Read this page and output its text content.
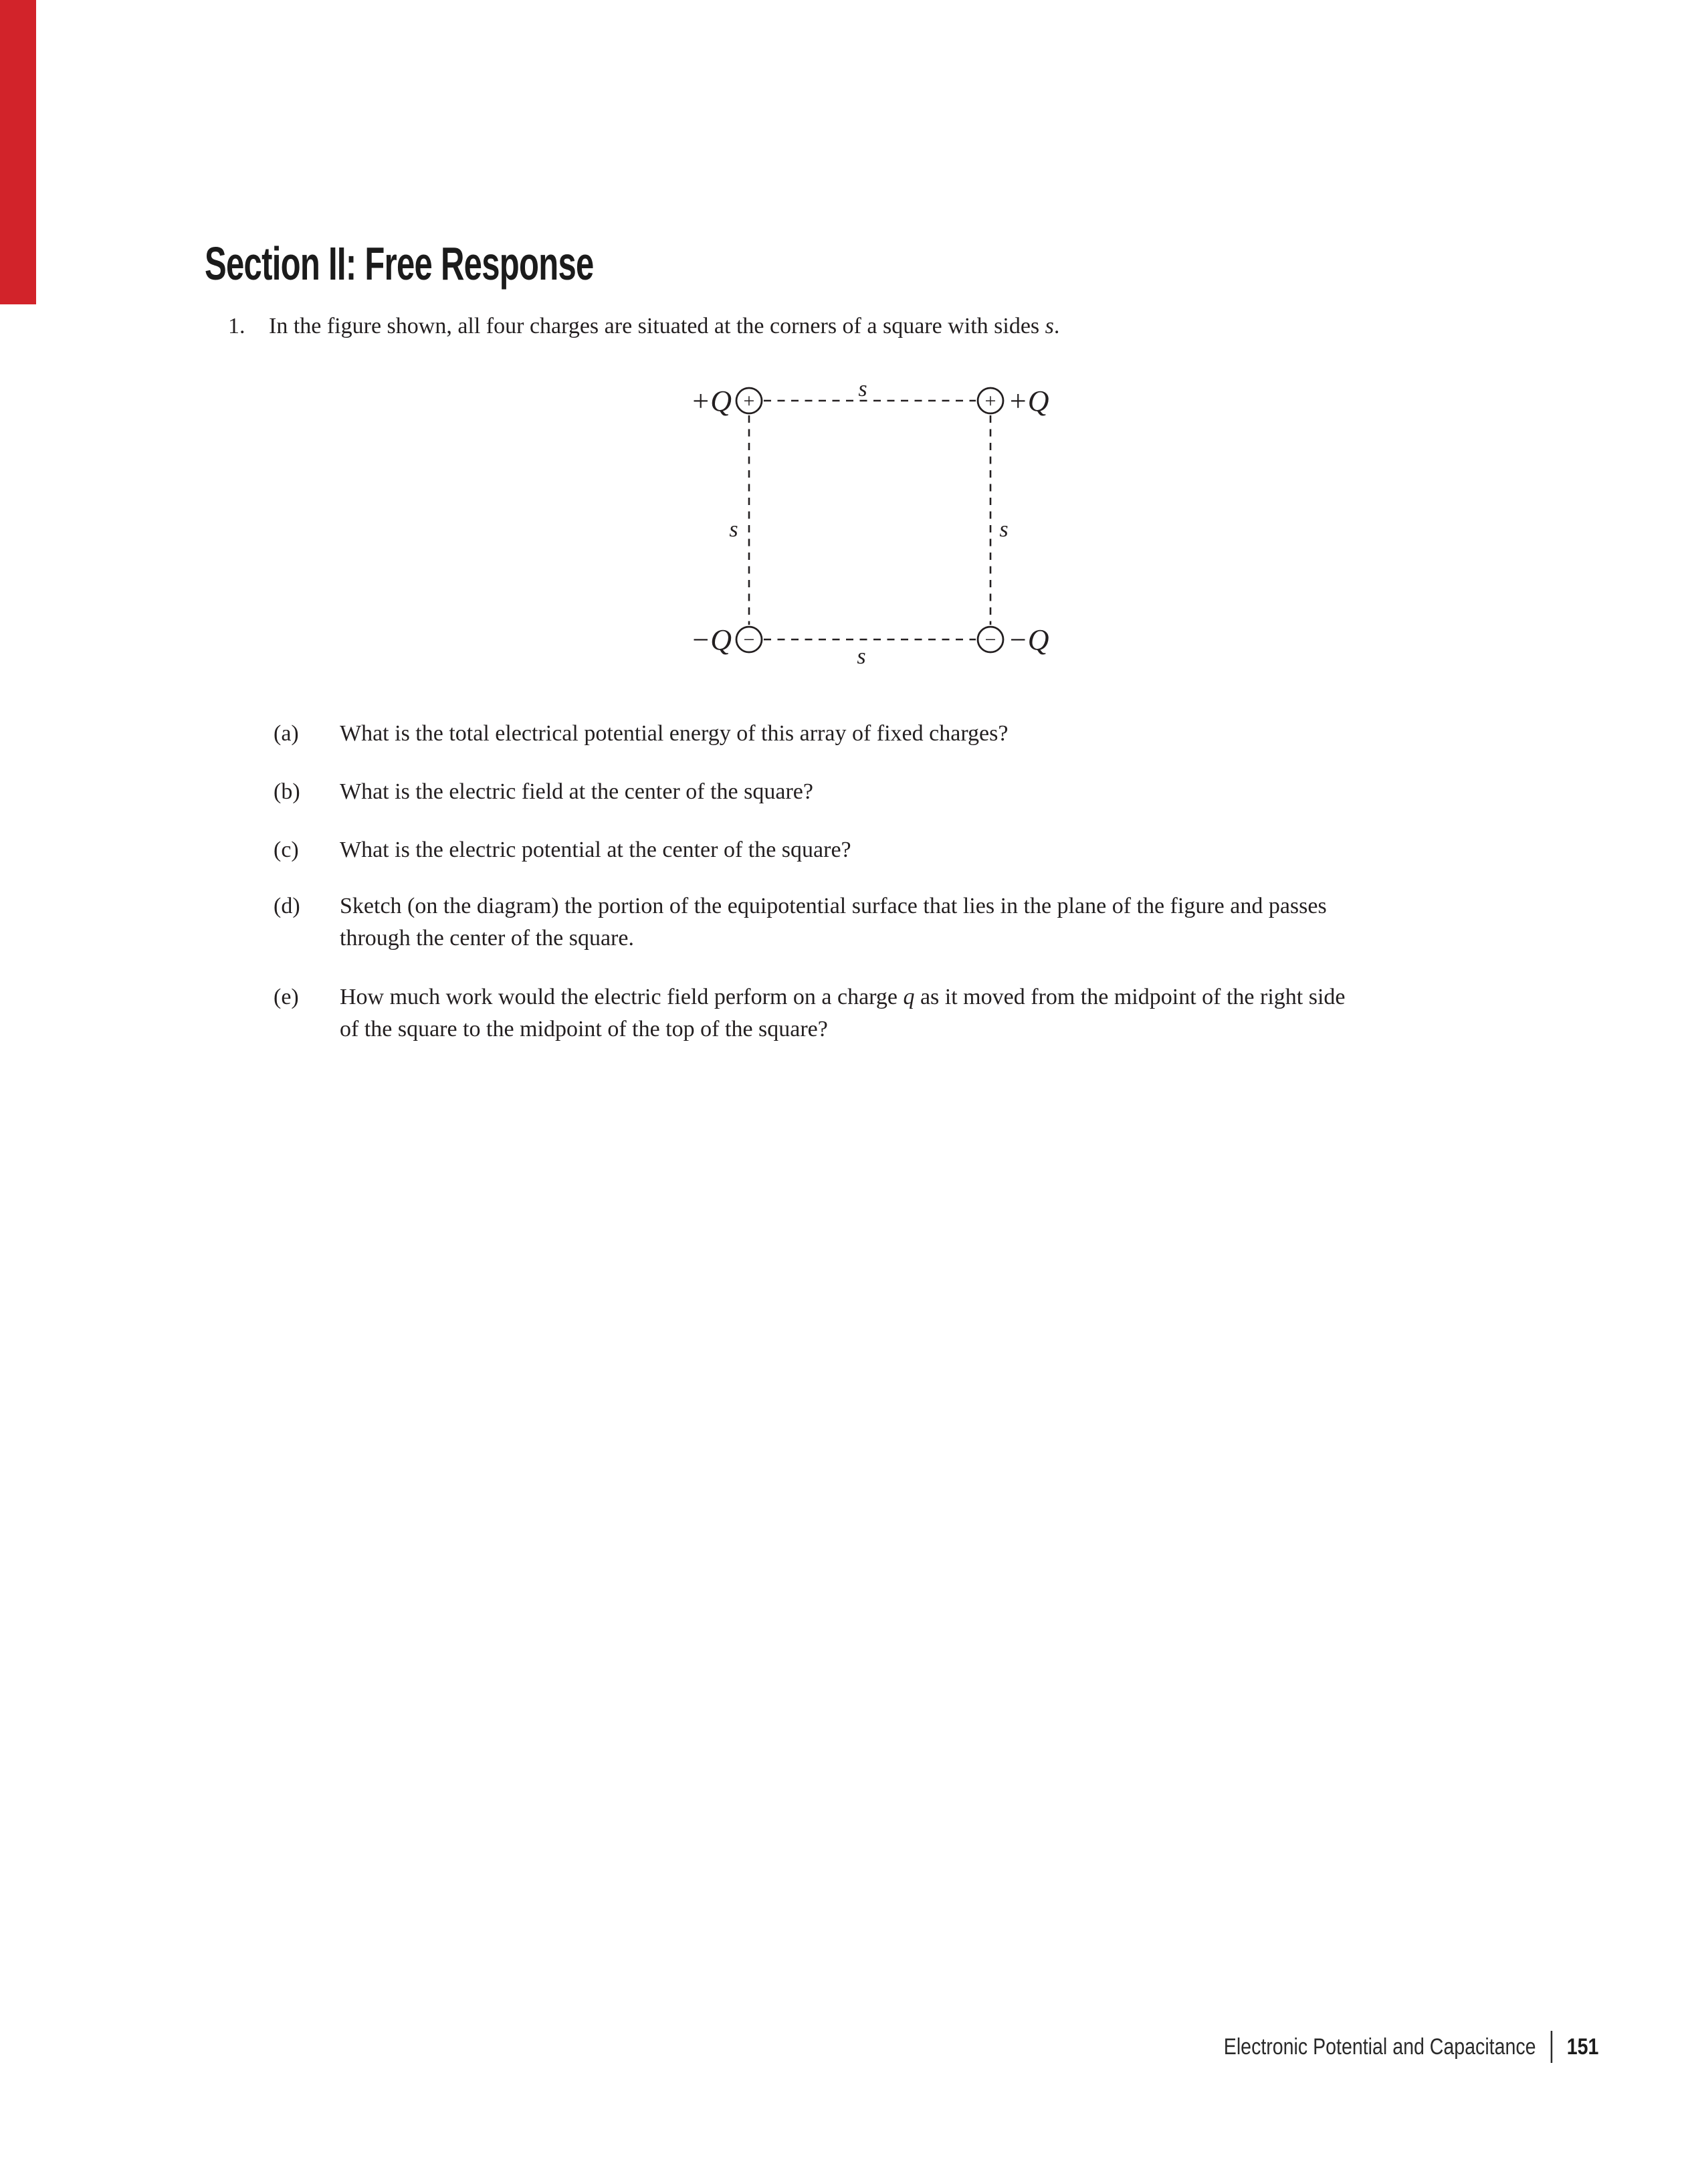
Section II: Free Response
1. In the figure shown, all four charges are situated at the corners of a square with sides s.
+	+
−	−
+Q	+Q
−Q	−Q
s
s
s	s
(a)	What is the total electrical potential energy of this array of fixed charges?
(b)	What is the electric field at the center of the square?
(c)	What is the electric potential at the center of the square?
(d)	Sketch (on the diagram) the portion of the equipotential surface that lies in the plane of the figure and passes
through the center of the square.
(e)	How much work would the electric field perform on a charge q as it moved from the midpoint of the right side
of the square to the midpoint of the top of the square?
Electronic Potential and Capacitance 151
